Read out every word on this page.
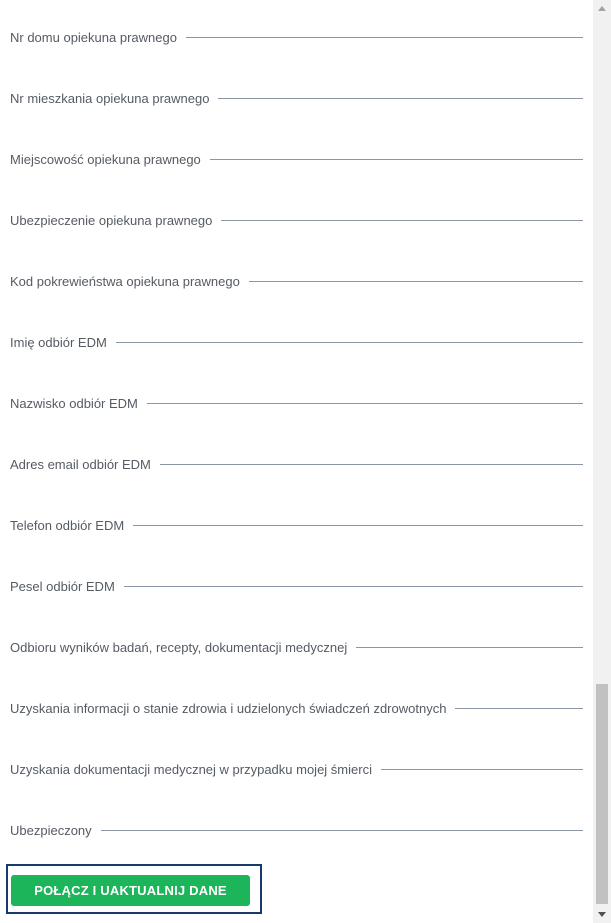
Nr domu opiekuna prawnego
Nr mieszkania opiekuna prawnego
Miejscowość opiekuna prawnego
Ubezpieczenie opiekuna prawnego
Kod pokrewieństwa opiekuna prawnego
Imię odbiór EDM
Nazwisko odbiór EDM
Adres email odbiór EDM
Telefon odbiór EDM
Pesel odbiór EDM
Odbioru wyników badań, recepty, dokumentacji medycznej
Uzyskania informacji o stanie zdrowia i udzielonych świadczeń zdrowotnych
Uzyskania dokumentacji medycznej w przypadku mojej śmierci
Ubezpieczony
POŁĄCZ I UAKTUALNIJ DANE
